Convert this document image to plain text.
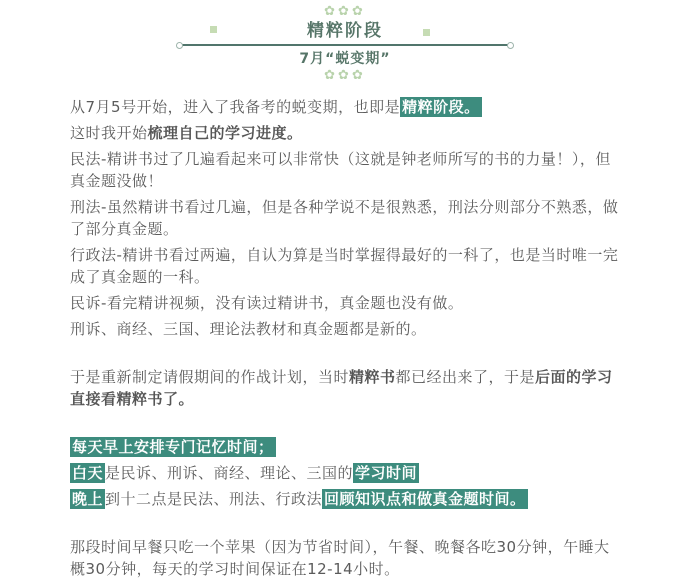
✿✿✿
精粹阶段
7月“蜕变期”
✿✿✿

从7月5号开始，进入了我备考的蜕变期，也即是 精粹阶段。

这时我开始梳理自己的学习进度。

民法-精讲书过了几遍看起来可以非常快（这就是钟老师所写的书的力量！），但真金题没做！

刑法-虽然精讲书看过几遍，但是各种学说不是很熟悉，刑法分则部分不熟悉，做了部分真金题。

行政法-精讲书看过两遍，自认为算是当时掌握得最好的一科了，也是当时唯一完成了真金题的一科。

民诉-看完精讲视频，没有读过精讲书，真金题也没有做。

刑诉、商经、三国、理论法教材和真金题都是新的。

于是重新制定请假期间的作战计划，当时精粹书都已经出来了，于是后面的学习直接看精粹书了。

每天早上安排专门记忆时间；

白天 是民诉、刑诉、商经、理论、三国的 学习时间

晚上 到十二点是民法、刑法、行政法 回顾知识点和做真金题时间。

那段时间早餐只吃一个苹果（因为节省时间），午餐、晚餐各吃30分钟，午睡大概30分钟，每天的学习时间保证在12-14小时。
